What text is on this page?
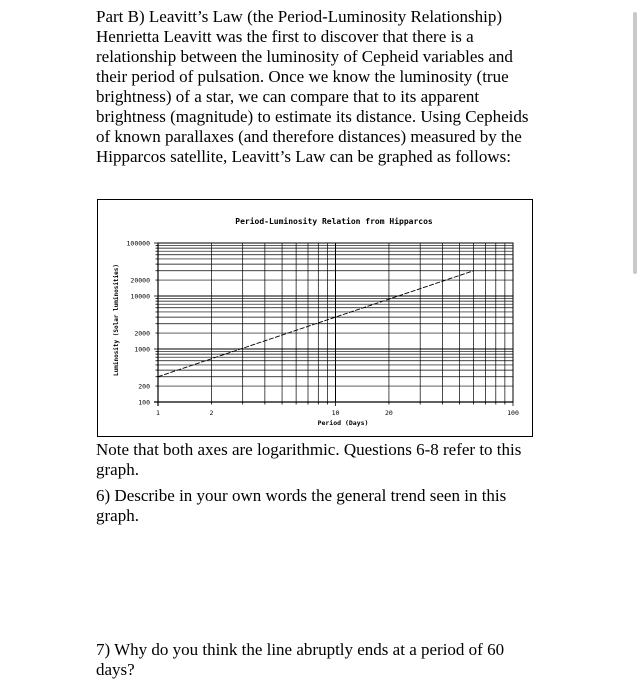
Part B) Leavitt’s Law (the Period-Luminosity Relationship)

Henrietta Leavitt was the first to discover that there is a relationship between the luminosity of Cepheid variables and their period of pulsation. Once we know the luminosity (true brightness) of a star, we can compare that to its apparent brightness (magnitude) to estimate its distance. Using Cepheids of known parallaxes (and therefore distances) measured by the Hipparcos satellite, Leavitt’s Law can be graphed as follows:

Period-Luminosity Relation from Hipparcos
Luminosity (Solar luminosities)
Period (Days)
1	2	10	20	100
100000
20000
10000
2000
1000
200
100

Note that both axes are logarithmic. Questions 6-8 refer to this graph.

6) Describe in your own words the general trend seen in this graph.
7) Why do you think the line abruptly ends at a period of 60 days?
